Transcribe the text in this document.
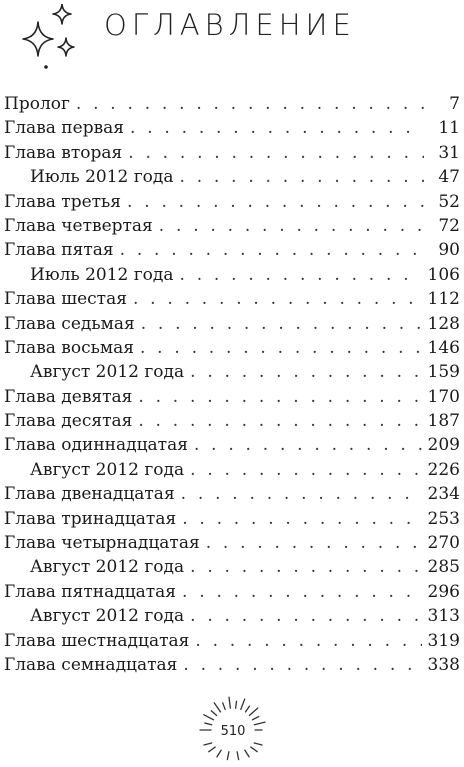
ОГЛАВЛЕНИЕ
Пролог . . .	7
Глава первая . . .	11
Глава вторая . . .	31
Июль 2012 года . . .	47
Глава третья . . .	52
Глава четвертая . . .	72
Глава пятая . . .	90
Июль 2012 года . . .	106
Глава шестая . . .	112
Глава седьмая . . .	128
Глава восьмая . . .	146
Август 2012 года . . .	159
Глава девятая . . .	170
Глава десятая . . .	187
Глава одиннадцатая . . .	209
Август 2012 года . . .	226
Глава двенадцатая . . .	234
Глава тринадцатая . . .	253
Глава четырнадцатая . . .	270
Август 2012 года . . .	285
Глава пятнадцатая . . .	296
Август 2012 года . . .	313
Глава шестнадцатая . . .	319
Глава семнадцатая . . .	338
510
